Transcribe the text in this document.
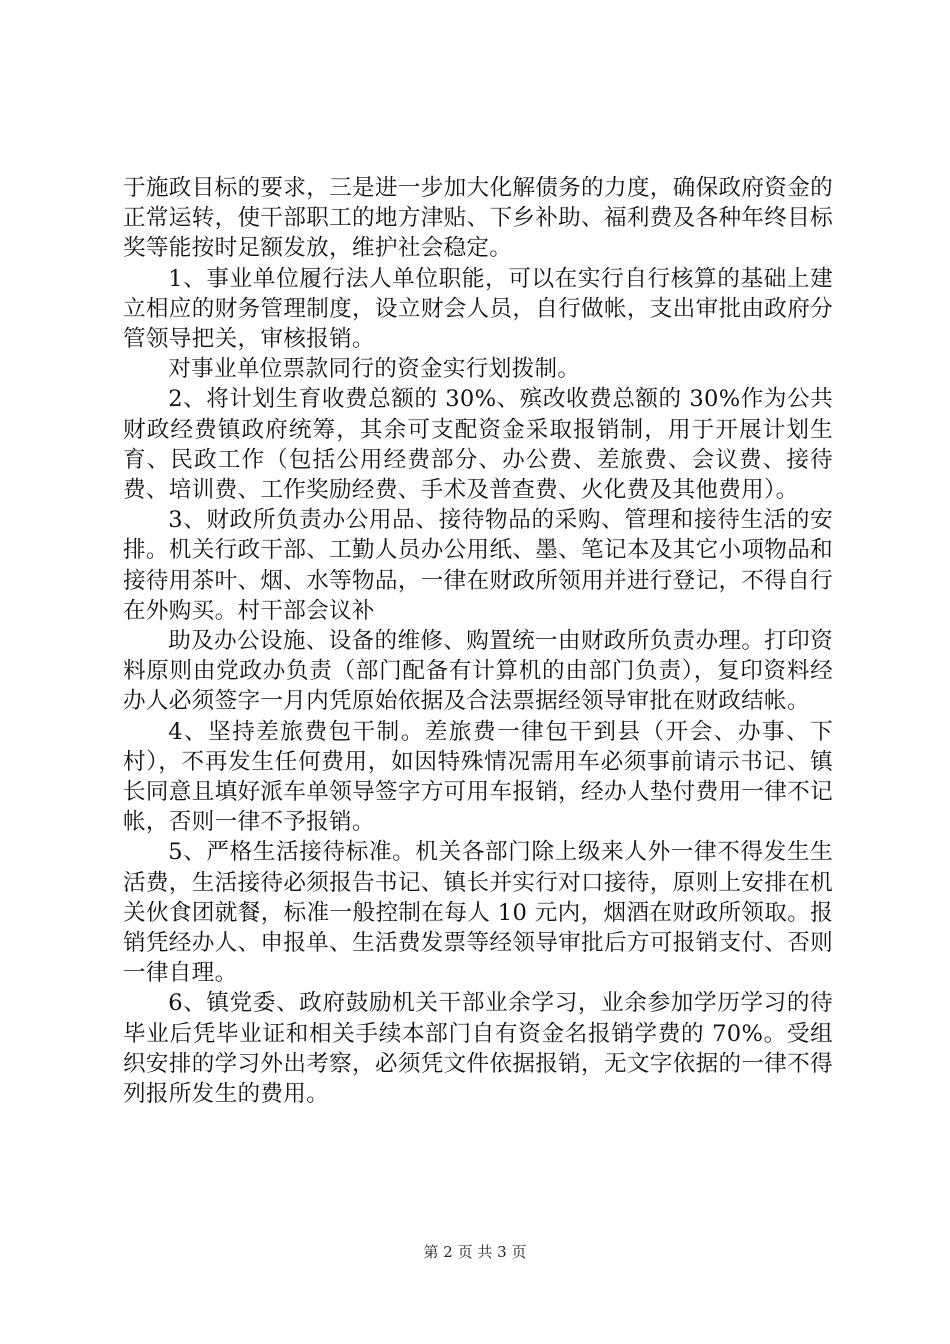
于施政目标的要求，三是进一步加大化解债务的力度，确保政府资金的正常运转，使干部职工的地方津贴、下乡补助、福利费及各种年终目标奖等能按时足额发放，维护社会稳定。

1、事业单位履行法人单位职能，可以在实行自行核算的基础上建立相应的财务管理制度，设立财会人员，自行做帐，支出审批由政府分管领导把关，审核报销。

对事业单位票款同行的资金实行划拨制。

2、将计划生育收费总额的 30%、殡改收费总额的 30%作为公共财政经费镇政府统筹，其余可支配资金采取报销制，用于开展计划生育、民政工作（包括公用经费部分、办公费、差旅费、会议费、接待费、培训费、工作奖励经费、手术及普查费、火化费及其他费用）。

3、财政所负责办公用品、接待物品的采购、管理和接待生活的安排。机关行政干部、工勤人员办公用纸、墨、笔记本及其它小项物品和接待用茶叶、烟、水等物品，一律在财政所领用并进行登记，不得自行在外购买。村干部会议补

助及办公设施、设备的维修、购置统一由财政所负责办理。打印资料原则由党政办负责（部门配备有计算机的由部门负责），复印资料经办人必须签字一月内凭原始依据及合法票据经领导审批在财政结帐。

4、坚持差旅费包干制。差旅费一律包干到县（开会、办事、下村），不再发生任何费用，如因特殊情况需用车必须事前请示书记、镇长同意且填好派车单领导签字方可用车报销，经办人垫付费用一律不记帐，否则一律不予报销。

5、严格生活接待标准。机关各部门除上级来人外一律不得发生生活费，生活接待必须报告书记、镇长并实行对口接待，原则上安排在机关伙食团就餐，标准一般控制在每人 10 元内，烟酒在财政所领取。报销凭经办人、申报单、生活费发票等经领导审批后方可报销支付、否则一律自理。

6、镇党委、政府鼓励机关干部业余学习，业余参加学历学习的待毕业后凭毕业证和相关手续本部门自有资金名报销学费的 70%。受组织安排的学习外出考察，必须凭文件依据报销，无文字依据的一律不得列报所发生的费用。

第 2 页 共 3 页
